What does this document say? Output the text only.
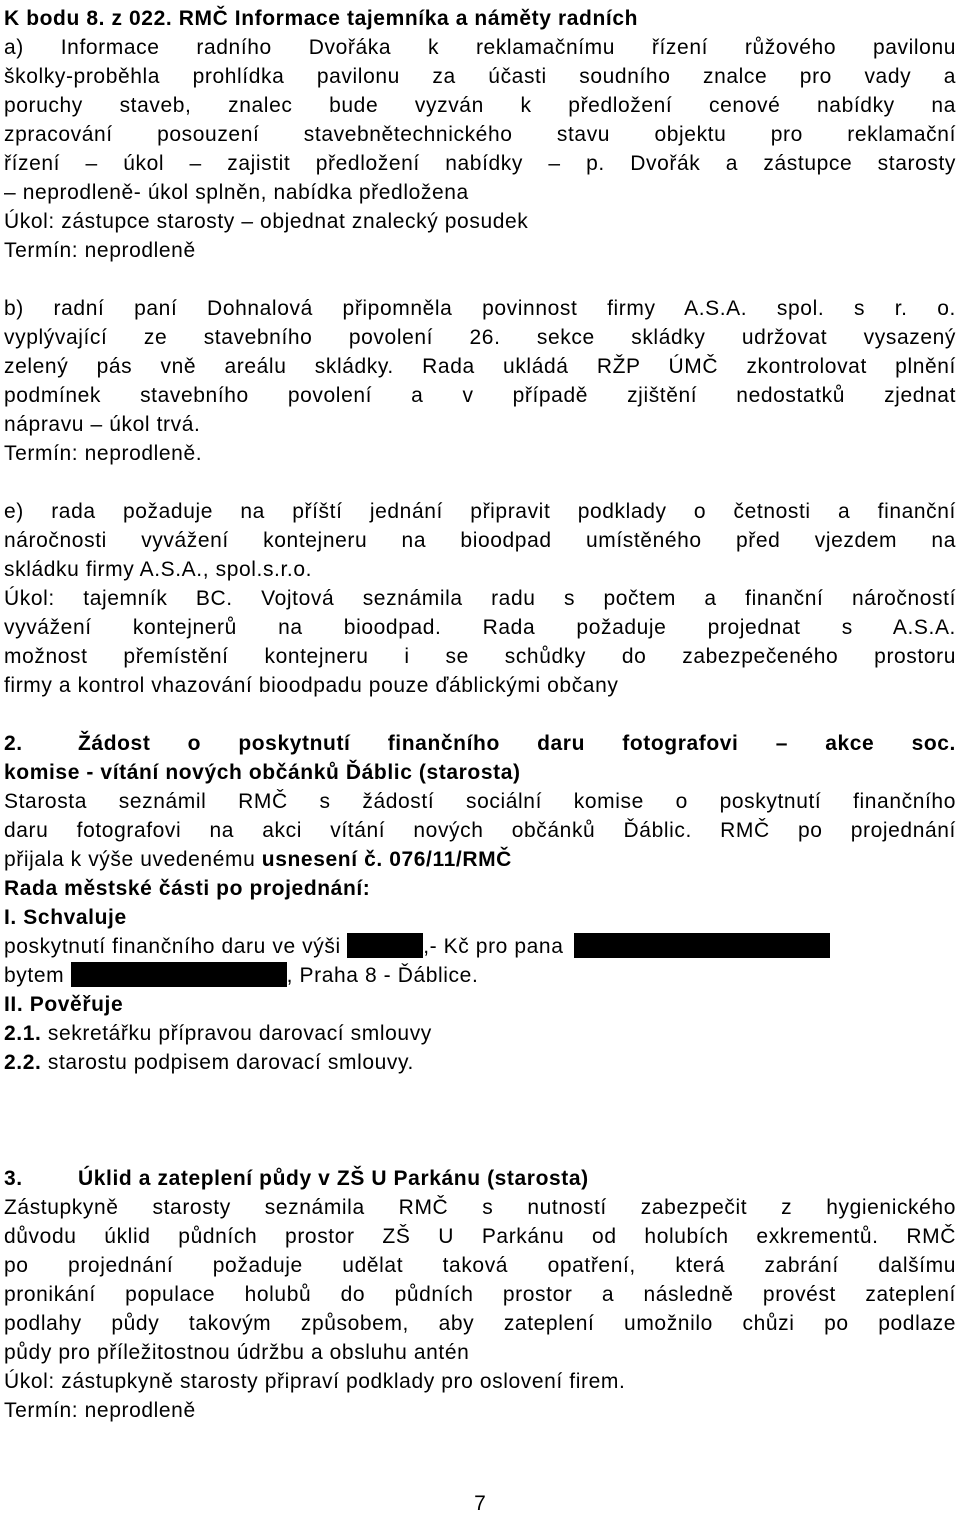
K bodu 8. z 022. RMČ Informace tajemníka a náměty radních
a) Informace radního Dvořáka k reklamačnímu řízení růžového pavilonu
školky-proběhla prohlídka pavilonu za účasti soudního znalce pro vady a
poruchy staveb, znalec bude vyzván k předložení cenové nabídky na
zpracování posouzení stavebnětechnického stavu objektu pro reklamační
řízení – úkol – zajistit předložení nabídky – p. Dvořák a zástupce starosty
– neprodleně- úkol splněn, nabídka předložena
Úkol: zástupce starosty – objednat znalecký posudek
Termín: neprodleně
b) radní paní Dohnalová připomněla povinnost firmy A.S.A. spol. s r. o.
vyplývající ze stavebního povolení 26. sekce skládky udržovat vysazený
zelený pás vně areálu skládky. Rada ukládá RŽP ÚMČ zkontrolovat plnění
podmínek stavebního povolení a v případě zjištění nedostatků zjednat
nápravu – úkol trvá.
Termín: neprodleně.
e) rada požaduje na příští jednání připravit podklady o četnosti a finanční
náročnosti vyvážení kontejneru na bioodpad umístěného před vjezdem na
skládku firmy A.S.A., spol.s.r.o.
Úkol: tajemník BC. Vojtová seznámila radu s počtem a finanční náročností
vyvážení kontejnerů na bioodpad. Rada požaduje projednat s A.S.A.
možnost přemístění kontejneru i se schůdky do zabezpečeného prostoru
firmy a kontrol vhazování bioodpadu pouze ďáblickými občany
2.	Žádost o poskytnutí finančního daru fotografovi – akce soc.
komise - vítání nových občánků Ďáblic (starosta)
Starosta seznámil RMČ s žádostí sociální komise o poskytnutí finančního
daru fotografovi na akci vítání nových občánků Ďáblic. RMČ po projednání
přijala k výše uvedenému usnesení č. 076/11/RMČ
Rada městské části po projednání:
I. Schvaluje
poskytnutí finančního daru ve výši	,- Kč pro pana
bytem	, Praha 8 - Ďáblice.
II. Pověřuje
2.1. sekretářku přípravou darovací smlouvy
2.2. starostu podpisem darovací smlouvy.
3.	Úklid a zateplení půdy v ZŠ U Parkánu (starosta)
Zástupkyně starosty seznámila RMČ s nutností zabezpečit z hygienického
důvodu úklid půdních prostor ZŠ U Parkánu od holubích exkrementů. RMČ
po projednání požaduje udělat taková opatření, která zabrání dalšímu
pronikání populace holubů do půdních prostor a následně provést zateplení
podlahy půdy takovým způsobem, aby zateplení umožnilo chůzi po podlaze
půdy pro příležitostnou údržbu a obsluhu antén
Úkol: zástupkyně starosty připraví podklady pro oslovení firem.
Termín: neprodleně
7
